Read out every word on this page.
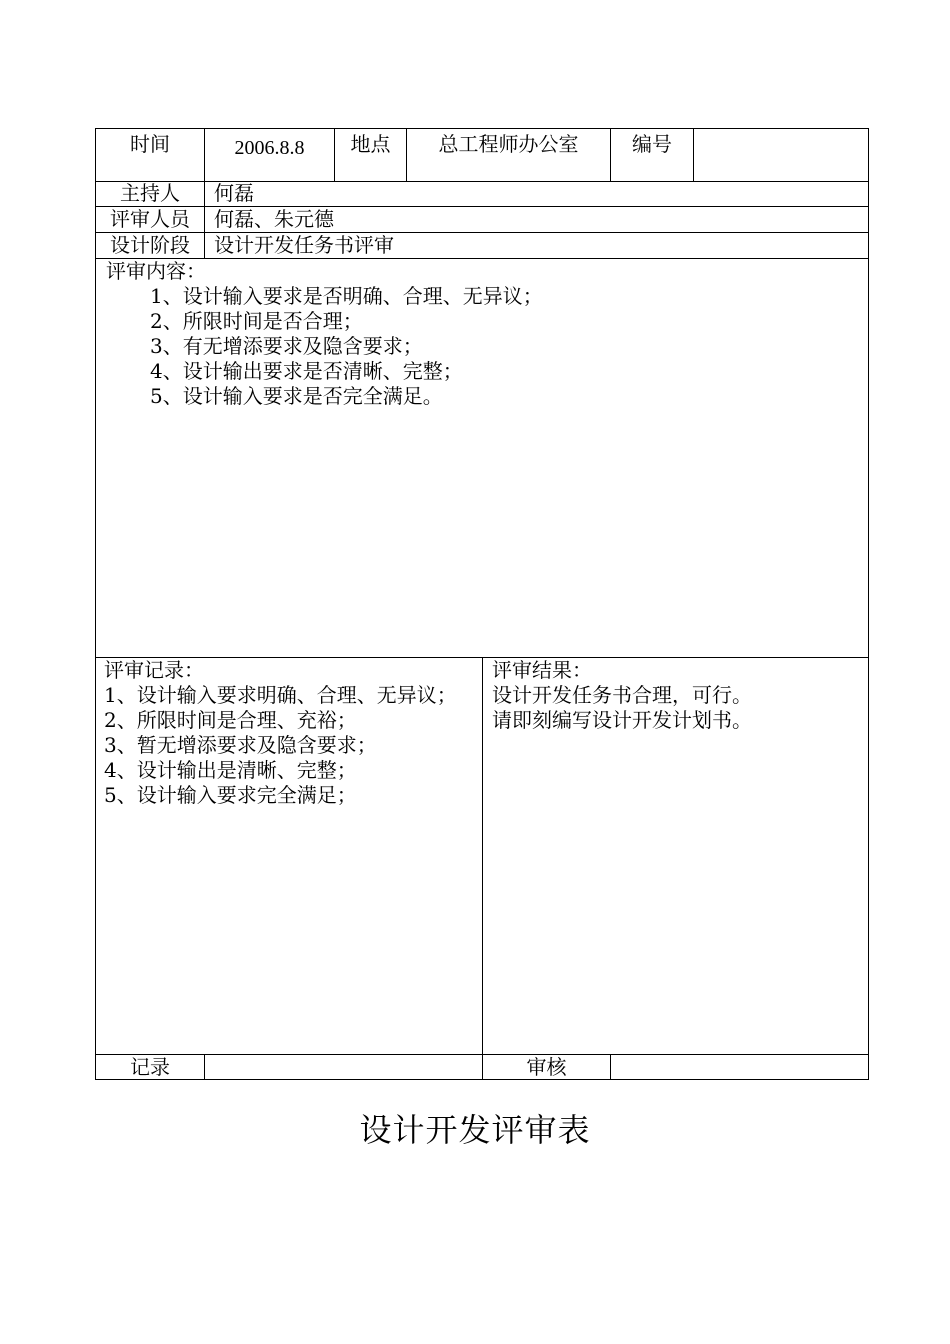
时间	2006.8.8	地点	总工程师办公室	编号
主持人	何磊
评审人员	何磊、朱元德
设计阶段	设计开发任务书评审
评审内容：
1、设计输入要求是否明确、合理、无异议；
2、所限时间是否合理；
3、有无增添要求及隐含要求；
4、设计输出要求是否清晰、完整；
5、设计输入要求是否完全满足。
评审记录：
1、设计输入要求明确、合理、无异议；
2、所限时间是合理、充裕；
3、暂无增添要求及隐含要求；
4、设计输出是清晰、完整；
5、设计输入要求完全满足；
评审结果：
设计开发任务书合理，可行。
请即刻编写设计开发计划书。
记录	审核
设计开发评审表
